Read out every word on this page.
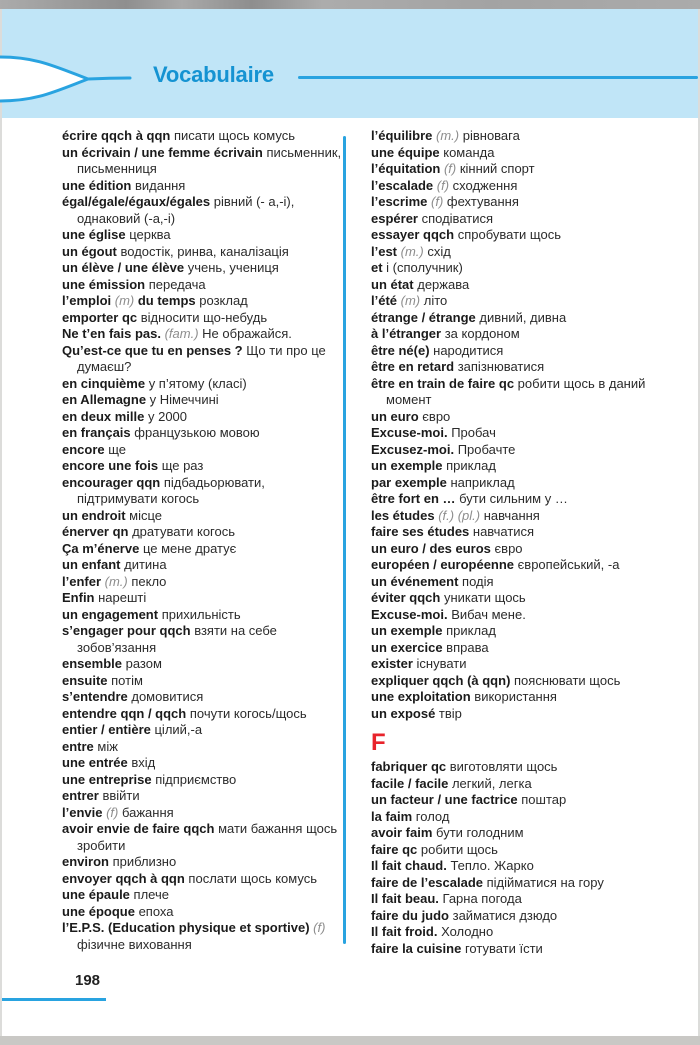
Vocabulaire
écrire qqch à qqn писати щось комусь
un écrivain / une femme écrivain письменник, письменниця
une édition видання
égal/égale/égaux/égales рівний (- а,-і), однаковий (-а,-і)
une église церква
un égout водостік, ринва, каналізація
un élève / une élève учень, учениця
une émission передача
l’emploi (m) du temps розклад
emporter qc відносити що-небудь
Ne t’en fais pas. (fam.) Не ображайся.
Qu’est-ce que tu en penses ? Що ти про це думаєш?
en cinquième у п’ятому (класі)
en Allemagne у Німеччині
en deux mille у 2000
en français французькою мовою
encore ще
encore une fois ще раз
encourager qqn підбадьорювати, підтримувати когось
un endroit місце
énerver qn дратувати когось
Ça m’énerve це мене дратує
un enfant дитина
l’enfer (m.) пекло
Enfin нарешті
un engagement прихильність
s’engager pour qqch взяти на себе зобов’язання
ensemble разом
ensuite потім
s’entendre домовитися
entendre qqn / qqch почути когось/щось
entier / entière цілий,-а
entre між
une entrée вхід
une entreprise підприємство
entrer ввійти
l’envie (f) бажання
avoir envie de faire qqch мати бажання щось зробити
environ приблизно
envoyer qqch à qqn послати щось комусь
une épaule плече
une époque епоха
l’E.P.S. (Education physique et sportive) (f) фізичне виховання
l’équilibre (m.) рівновага
une équipe команда
l’équitation (f) кінний спорт
l’escalade (f) сходження
l’escrime (f) фехтування
espérer сподіватися
essayer qqch спробувати щось
l’est (m.) схід
et і (сполучник)
un état держава
l’été (m) літо
étrange / étrange дивний, дивна
à l’étranger за кордоном
être né(e) народитися
être en retard запізнюватися
être en train de faire qc робити щось в даний момент
un euro євро
Excuse-moi. Пробач
Excusez-moi. Пробачте
un exemple приклад
par exemple наприклад
être fort en … бути сильним у …
les études (f.) (pl.) навчання
faire ses études навчатися
un euro / des euros євро
européen / européenne європейський, -а
un événement подія
éviter qqch уникати щось
Excuse-moi. Вибач мене.
un exemple приклад
un exercice вправа
exister існувати
expliquer qqch (à qqn) пояснювати щось
une exploitation використання
un exposé твір
F
fabriquer qc виготовляти щось
facile / facile легкий, легка
un facteur / une factrice поштар
la faim голод
avoir faim бути голодним
faire qc робити щось
Il fait chaud. Тепло. Жарко
faire de l’escalade підійматися на гору
Il fait beau. Гарна погода
faire du judo займатися дзюдо
Il fait froid. Холодно
faire la cuisine готувати їсти
198
